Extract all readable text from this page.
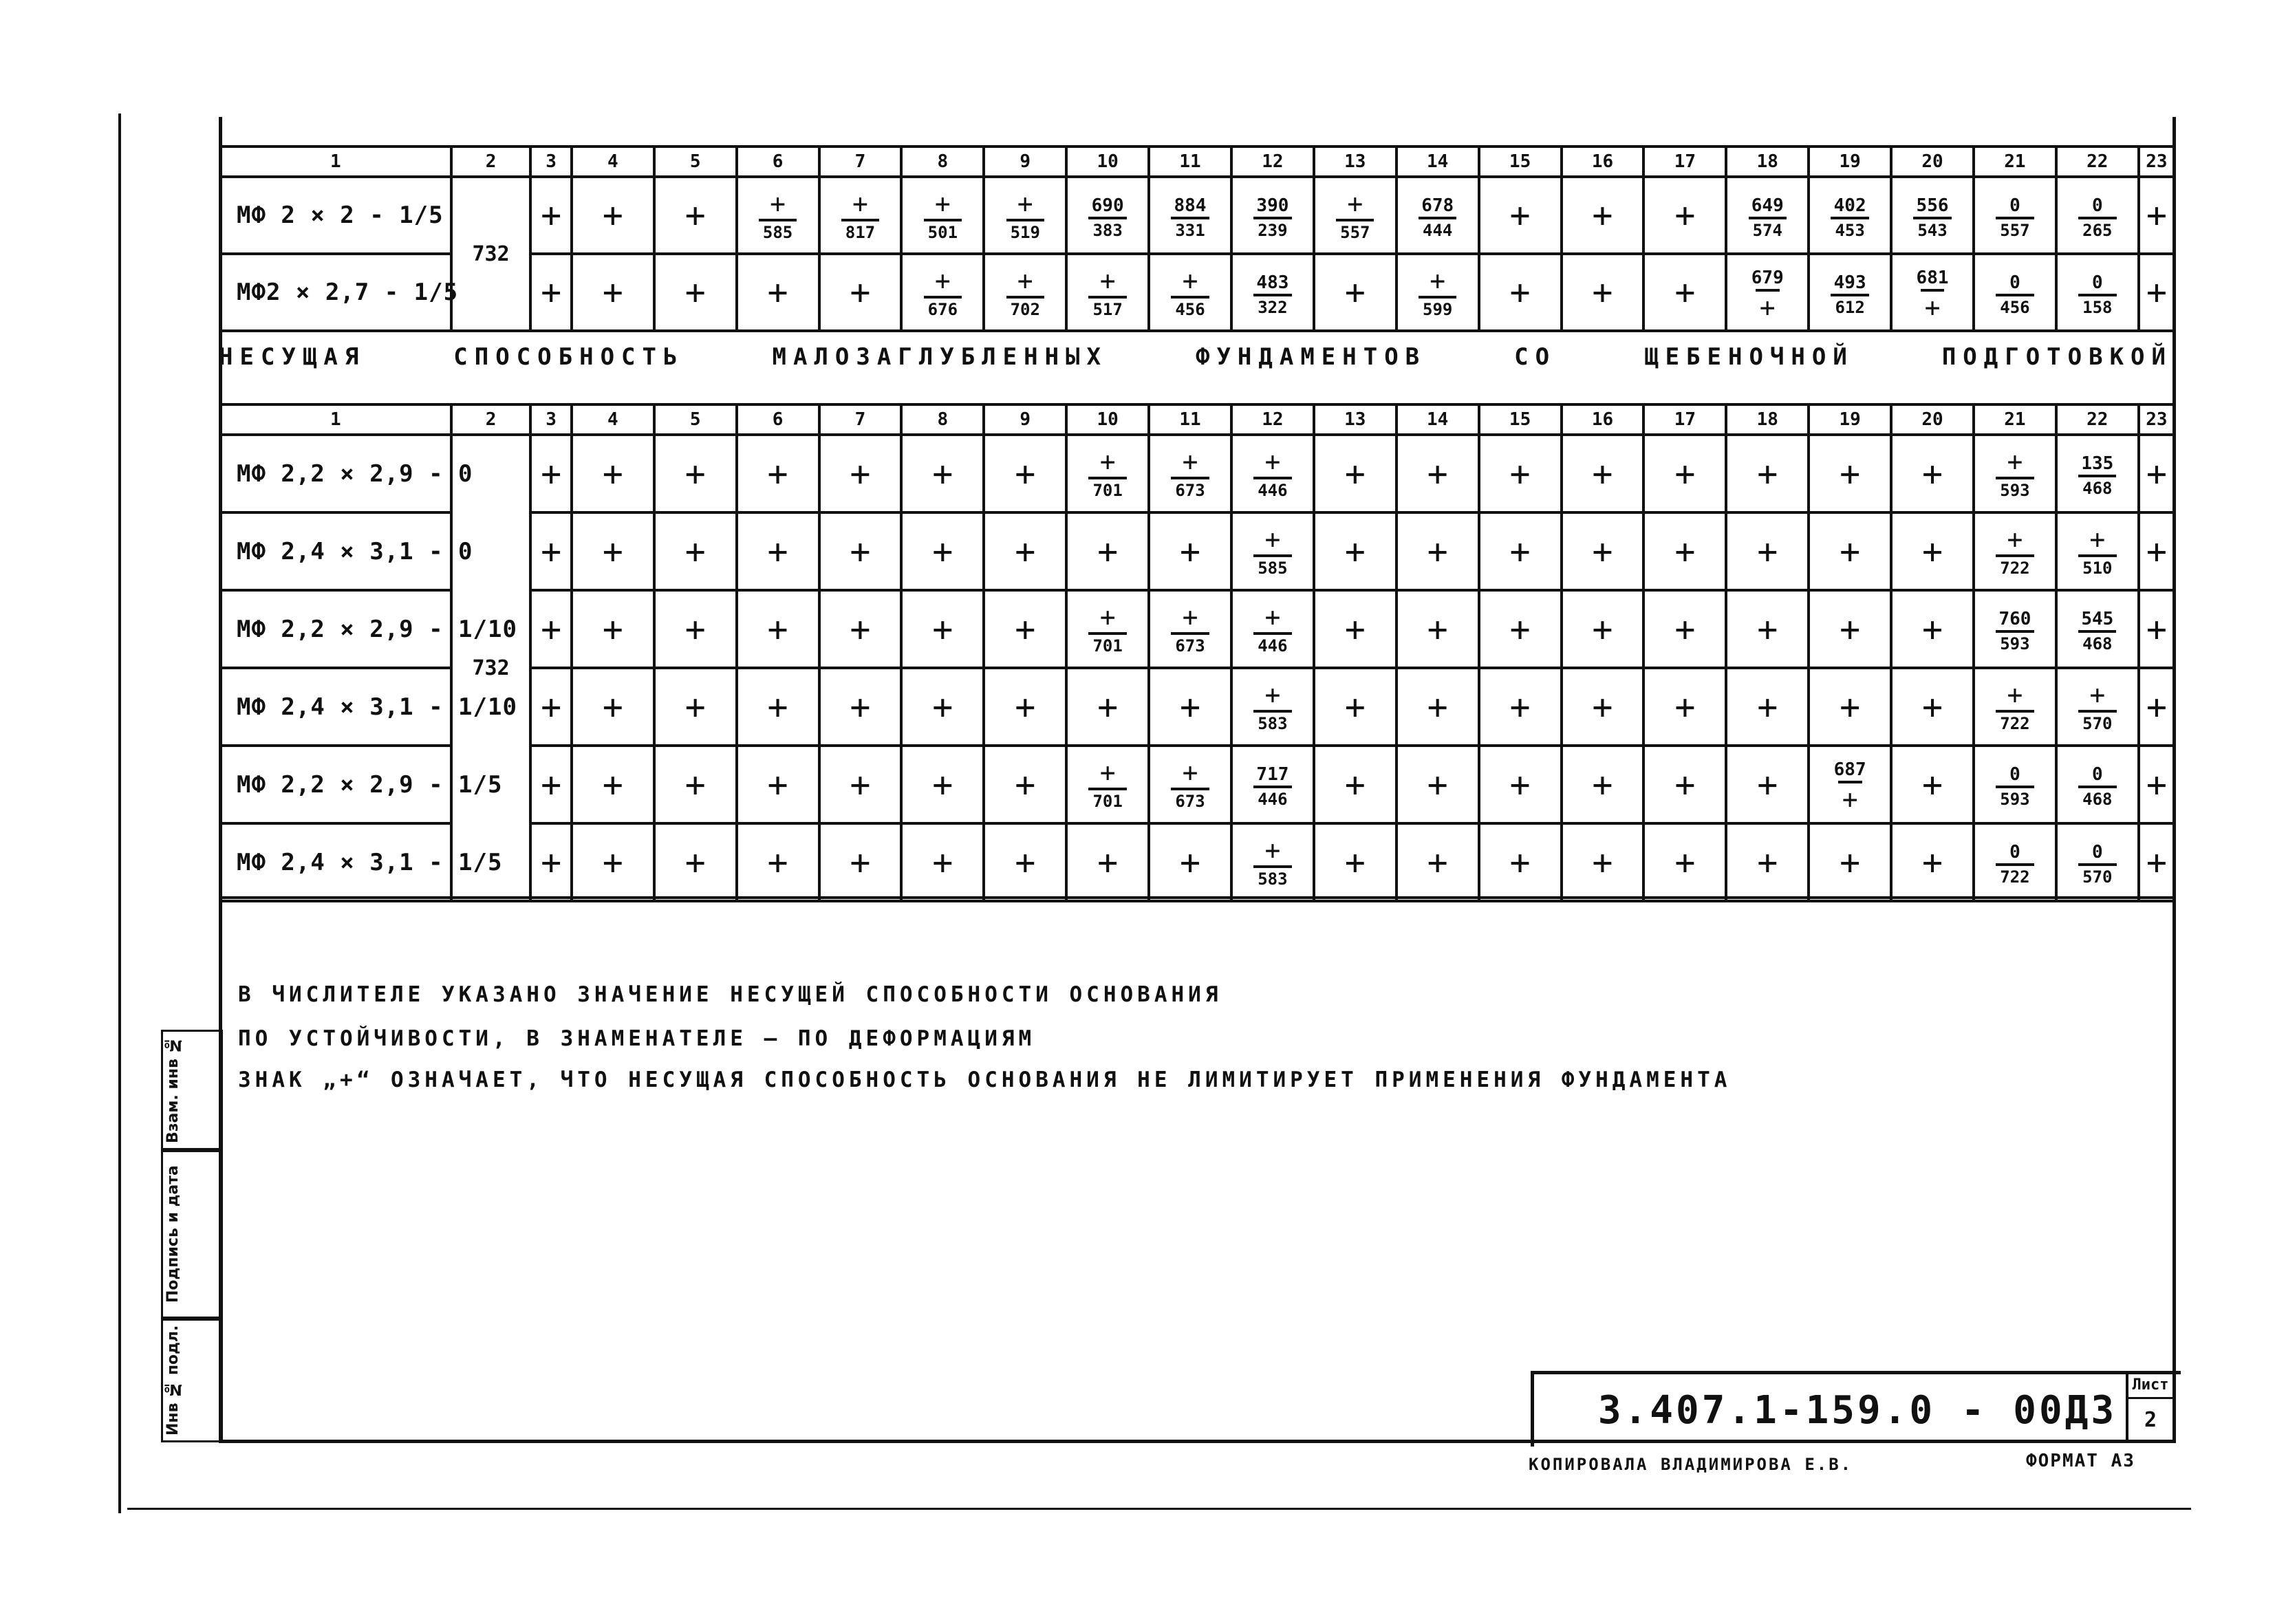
1	2	3	4	5	6	7	8	9	10	11	12	13	14	15	16	17	18	19	20	21	22	23
МФ 2 × 2 - 1/5	732	+	+	+	$\frac{+}{585}$	$\frac{+}{817}$	$\frac{+}{501}$	$\frac{+}{519}$	$\frac{690}{383}$	$\frac{884}{331}$	$\frac{390}{239}$	$\frac{+}{557}$	$\frac{678}{444}$	+	+	+	$\frac{649}{574}$	$\frac{402}{453}$	$\frac{556}{543}$	$\frac{0}{557}$	$\frac{0}{265}$	+
МФ2 × 2,7 - 1/5		+	+	+	+	+	$\frac{+}{676}$	$\frac{+}{702}$	$\frac{+}{517}$	$\frac{+}{456}$	$\frac{483}{322}$	+	$\frac{+}{599}$	+	+	+	$\frac{679}{+}$	$\frac{493}{612}$	$\frac{681}{+}$	$\frac{0}{456}$	$\frac{0}{158}$	+
НЕСУЩАЯ	СПОСОБНОСТЬ	МАЛОЗАГЛУБЛЕННЫХ	ФУНДАМЕНТОВ	СО	ЩЕБЕНОЧНОЙ	ПОДГОТОВКОЙ
1	2	3	4	5	6	7	8	9	10	11	12	13	14	15	16	17	18	19	20	21	22	23
МФ 2,2 × 2,9 - 0	732	+	+	+	+	+	+	+	$\frac{+}{701}$	$\frac{+}{673}$	$\frac{+}{446}$	+	+	+	+	+	+	+	+	$\frac{+}{593}$	$\frac{135}{468}$	+
МФ 2,4 × 3,1 - 0		+	+	+	+	+	+	+	+	+	$\frac{+}{585}$	+	+	+	+	+	+	+	+	$\frac{+}{722}$	$\frac{+}{510}$	+
МФ 2,2 × 2,9 - 1/10		+	+	+	+	+	+	+	$\frac{+}{701}$	$\frac{+}{673}$	$\frac{+}{446}$	+	+	+	+	+	+	+	+	$\frac{760}{593}$	$\frac{545}{468}$	+
МФ 2,4 × 3,1 - 1/10		+	+	+	+	+	+	+	+	+	$\frac{+}{583}$	+	+	+	+	+	+	+	+	$\frac{+}{722}$	$\frac{+}{570}$	+
МФ 2,2 × 2,9 - 1/5		+	+	+	+	+	+	+	$\frac{+}{701}$	$\frac{+}{673}$	$\frac{717}{446}$	+	+	+	+	+	+	$\frac{687}{+}$	+	$\frac{0}{593}$	$\frac{0}{468}$	+
МФ 2,4 × 3,1 - 1/5		+	+	+	+	+	+	+	+	+	$\frac{+}{583}$	+	+	+	+	+	+	+	+	$\frac{0}{722}$	$\frac{0}{570}$	+
В ЧИСЛИТЕЛЕ УКАЗАНО ЗНАЧЕНИЕ НЕСУЩЕЙ СПОСОБНОСТИ ОСНОВАНИЯ
ПО УСТОЙЧИВОСТИ, В ЗНАМЕНАТЕЛЕ — ПО ДЕФОРМАЦИЯМ
ЗНАК „+“ ОЗНАЧАЕТ, ЧТО НЕСУЩАЯ СПОСОБНОСТЬ ОСНОВАНИЯ НЕ ЛИМИТИРУЕТ ПРИМЕНЕНИЯ ФУНДАМЕНТА
Взам. инв №
Подпись и дата
Инв № подл.	3.407.1-159.0 - 00Д3
Лист
2
КОПИРОВАЛА ВЛАДИМИРОВА Е.В.	ФОРМАТ А3
